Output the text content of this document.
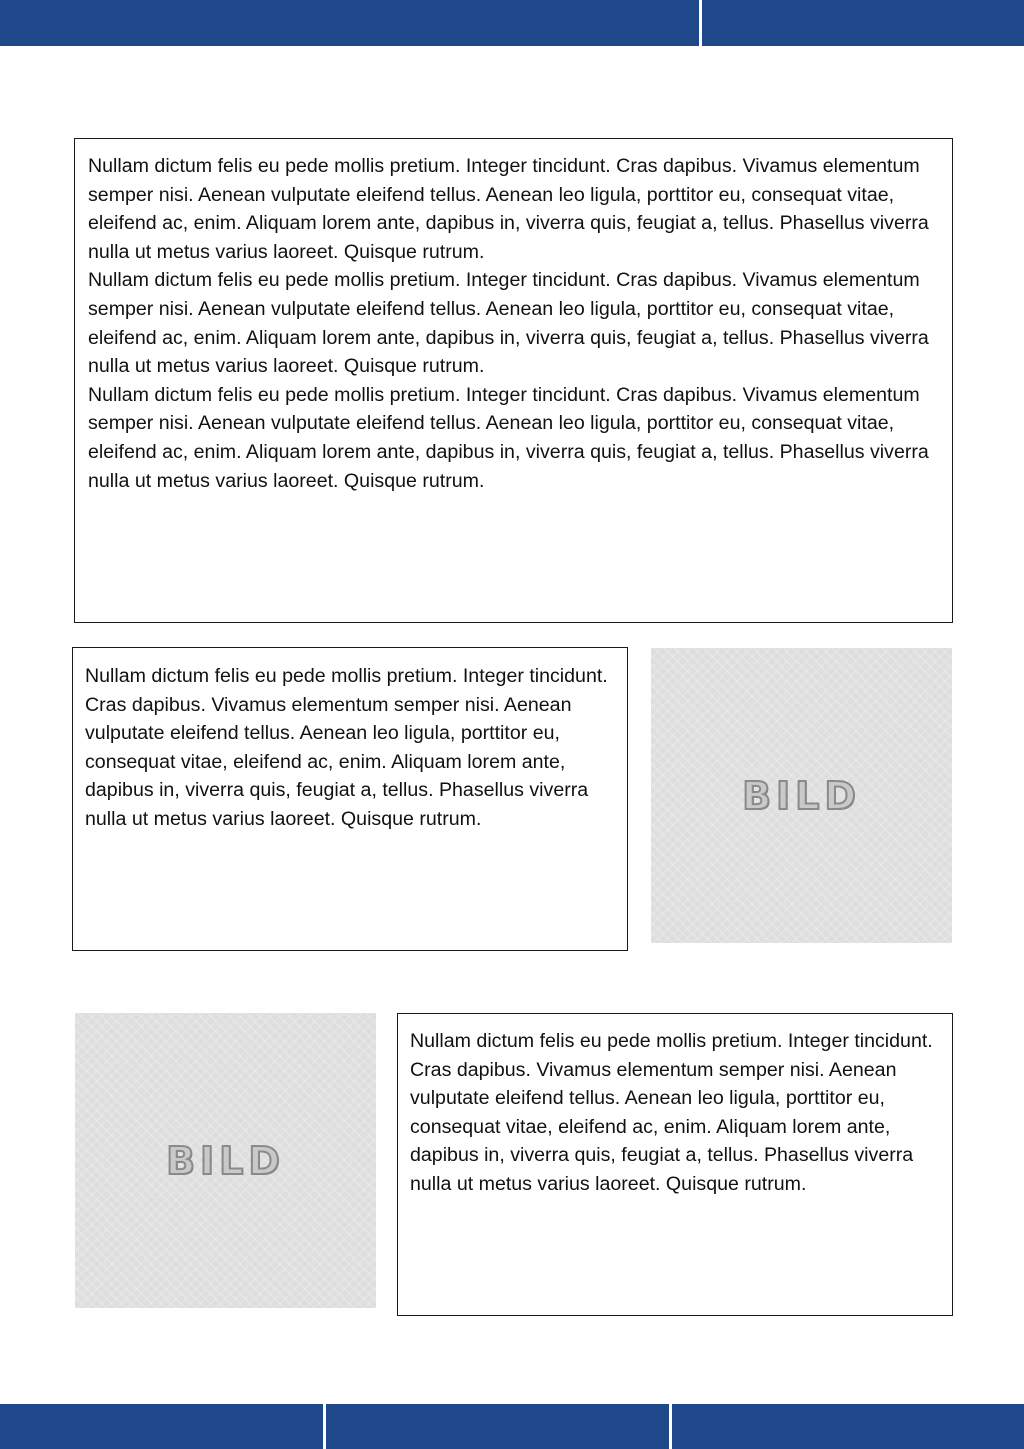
Nullam dictum felis eu pede mollis pretium. Integer tincidunt. Cras dapibus. Vivamus elementum semper nisi. Aenean vulputate eleifend tellus. Aenean leo ligula, porttitor eu, consequat vitae, eleifend ac, enim. Aliquam lorem ante, dapibus in, viverra quis, feugiat a, tellus. Phasellus viverra nulla ut metus varius laoreet. Quisque rutrum.

Nullam dictum felis eu pede mollis pretium. Integer tincidunt. Cras dapibus. Vivamus elementum semper nisi. Aenean vulputate eleifend tellus. Aenean leo ligula, porttitor eu, consequat vitae, eleifend ac, enim. Aliquam lorem ante, dapibus in, viverra quis, feugiat a, tellus. Phasellus viverra nulla ut metus varius laoreet. Quisque rutrum.

Nullam dictum felis eu pede mollis pretium. Integer tincidunt. Cras dapibus. Vivamus elementum semper nisi. Aenean vulputate eleifend tellus. Aenean leo ligula, porttitor eu, consequat vitae, eleifend ac, enim. Aliquam lorem ante, dapibus in, viverra quis, feugiat a, tellus. Phasellus viverra nulla ut metus varius laoreet. Quisque rutrum.

Nullam dictum felis eu pede mollis pretium. Integer tincidunt. Cras dapibus. Vivamus elementum semper nisi. Aenean vulputate eleifend tellus. Aenean leo ligula, porttitor eu, consequat vitae, eleifend ac, enim. Aliquam lorem ante, dapibus in, viverra quis, feugiat a, tellus. Phasellus viverra nulla ut metus varius laoreet. Quisque rutrum.

BILD
BILD

Nullam dictum felis eu pede mollis pretium. Integer tincidunt. Cras dapibus. Vivamus elementum semper nisi. Aenean vulputate eleifend tellus. Aenean leo ligula, porttitor eu, consequat vitae, eleifend ac, enim. Aliquam lorem ante, dapibus in, viverra quis, feugiat a, tellus. Phasellus viverra nulla ut metus varius laoreet. Quisque rutrum.
